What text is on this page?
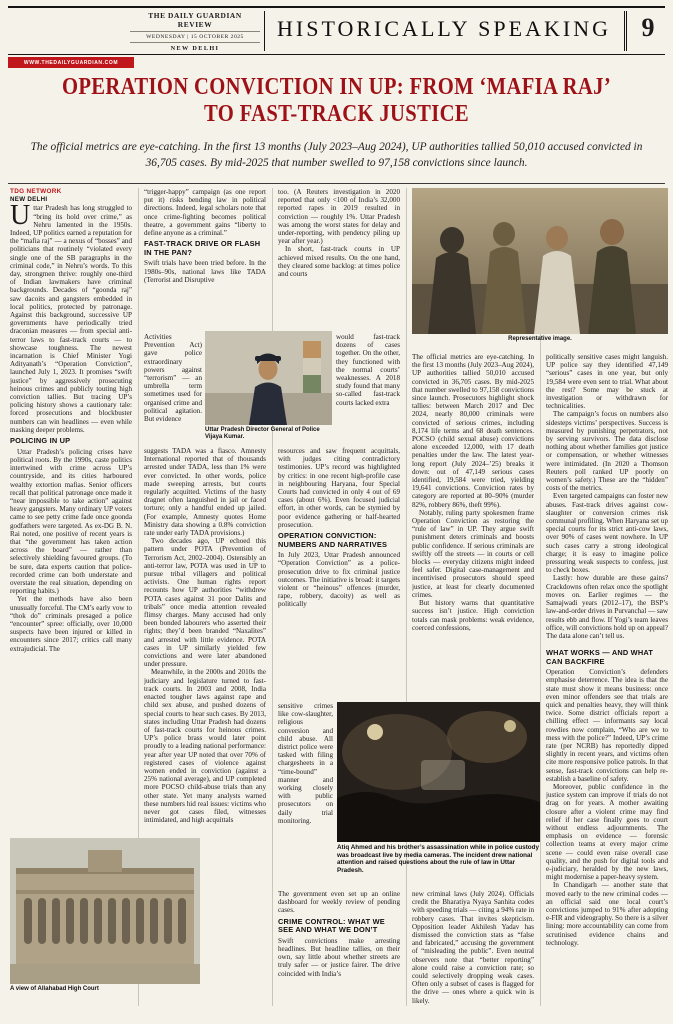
THE DAILY GUARDIAN REVIEW
WEDNESDAY | 15 OCTOBER 2025
NEW DELHI
HISTORICALLY SPEAKING	9
WWW.THEDAILYGUARDIAN.COM
OPERATION CONVICTION IN UP: FROM ‘MAFIA RAJ’ TO FAST-TRACK JUSTICE

The official metrics are eye-catching. In the first 13 months (July 2023–Aug 2024), UP authorities tallied 50,010 accused convicted in 36,705 cases. By mid-2025 that number swelled to 97,158 convictions since launch.

TDG NETWORK

NEW DELHI

Uttar Pradesh has long struggled to “bring its hold over crime,” as Nehru lamented in the 1950s. Indeed, UP politics earned a reputation for the “mafia raj” — a nexus of “bosses” and politicians that routinely “violated every single one of the SB paragraphs in the criminal code,” in Nehru’s words. To this day, strongmen thrive: roughly one-third of Indian lawmakers have criminal backgrounds. Decades of “goonda raj” saw dacoits and gangsters embedded in local politics, protected by patronage. Against this background, successive UP governments have periodically tried draconian measures — from special anti-terror laws to fast-track courts — to showcase toughness. The newest incarnation is Chief Minister Yogi Adityanath’s “Operation Conviction”, launched July 1, 2023. It promises “swift justice” by aggressively prosecuting heinous crimes and publicly touting high conviction tallies. But tracing UP’s policing history shows a cautionary tale: forced prosecutions and blockbuster numbers can win headlines — even while masking deeper problems.

POLICING IN UP

Uttar Pradesh’s policing crises have political roots. By the 1990s, caste politics intertwined with crime across UP’s countryside, and its cities harboured wealthy extortion mafias. Senior officers recall that political patronage once made it “near impossible to take action” against heavy gangsters. Many ordinary UP voters came to see petty crime fade once goonda godfathers were targeted. As ex-DG B. N. Rai noted, one positive of recent years is that “the government has taken action across the board” — rather than selectively shielding favoured groups. (To be sure, data experts caution that police-recorded crime can both understate and overstate the real situation, depending on reporting habits.)

Yet the methods have also been unusually forceful. The CM’s early vow to “thok do” criminals presaged a police “encounter” spree: officially, over 10,000 suspects have been injured or killed in encounters since 2017; critics call many extrajudicial. The

“trigger-happy” campaign (as one report put it) risks bending law in political directions. Indeed, legal scholars note that once crime-fighting becomes political theatre, a government gains “liberty to define anyone as a criminal.”

FAST-TRACK DRIVE OR FLASH IN THE PAN?

Swift trials have been tried before. In the 1980s–90s, national laws like TADA (Terrorist and Disruptive

Activities Prevention Act) gave police extraordinary powers against “terrorism” — an umbrella term sometimes used for organised crime and political agitation. But evidence

suggests TADA was a fiasco. Amnesty International reported that of thousands arrested under TADA, less than 1% were ever convicted. In other words, police made sweeping arrests, but courts regularly acquitted. Victims of the hasty dragnet often languished in jail or faced torture; only a handful ended up jailed. (For example, Amnesty quotes Home Ministry data showing a 0.8% conviction rate under early TADA provisions.)

Two decades ago, UP echoed this pattern under POTA (Prevention of Terrorism Act, 2002–2004). Ostensibly an anti-terror law, POTA was used in UP to pursue tribal villagers and political activists. One human rights report recounts how UP authorities “withdrew POTA cases against 31 poor Dalits and tribals” once media attention revealed flimsy charges. Many accused had only been bonded labourers who asserted their rights; they’d been branded “Naxalites” and arrested with little evidence. POTA cases in UP similarly yielded few convictions and were later abandoned under pressure.

Meanwhile, in the 2000s and 2010s the judiciary and legislature turned to fast-track courts. In 2003 and 2008, India enacted tougher laws against rape and child sex abuse, and pushed dozens of special courts to hear such cases. By 2013, states including Uttar Pradesh had dozens of fast-track courts for heinous crimes. UP’s police brass would later point proudly to a leading national performance: year after year UP noted that over 70% of registered cases of violence against women ended in conviction (against a 25% national average), and UP completed more POCSO child-abuse trials than any other state. Yet many analysts warned these numbers hid real issues: victims who never got cases filed, witnesses intimidated, and high acquittals

too. (A Reuters investigation in 2020 reported that only <100 of India’s 32,000 reported rapes in 2019 resulted in conviction — roughly 1%. Uttar Pradesh was among the worst states for delay and under-reporting, with pendency piling up year after year.)

In short, fast-track courts in UP achieved mixed results. On the one hand, they cleared some backlog: at times police and courts

would fast-track dozens of cases together. On the other, they functioned with the normal courts’ weaknesses. A 2018 study found that many so-called fast-track courts lacked extra

resources and saw frequent acquittals, with judges citing contradictory testimonies. UP’s record was highlighted by critics: in one recent high-profile case in neighbouring Haryana, four Special Courts had convicted in only 4 out of 69 cases (about 6%). Even focused judicial effort, in other words, can be stymied by poor evidence gathering or half-hearted prosecution.

OPERATION CONVICTION: NUMBERS AND NARRATIVES

In July 2023, Uttar Pradesh announced “Operation Conviction” as a police-prosecution drive to fix criminal justice outcomes. The initiative is broad: it targets violent or “heinous” offences (murder, rape, robbery, dacoity) as well as politically

sensitive crimes like cow-slaughter, religious conversion and child abuse. All district police were tasked with filing chargesheets in a “time-bound” manner and working closely with public prosecutors on daily trial monitoring.

The government even set up an online dashboard for weekly review of pending cases.

CRIME CONTROL: WHAT WE SEE AND WHAT WE DON’T

Swift convictions make arresting headlines. But headline tallies, on their own, say little about whether streets are truly safer — or justice fairer. The drive coincided with India’s

The official metrics are eye-catching. In the first 13 months (July 2023–Aug 2024), UP authorities tallied 50,010 accused convicted in 36,705 cases. By mid-2025 that number swelled to 97,158 convictions since launch. Prosecutors highlight shock tallies: between March 2017 and Dec 2024, nearly 80,000 criminals were convicted of serious crimes, including 8,174 life terms and 68 death sentences. POCSO (child sexual abuse) convictions alone exceeded 12,000, with 17 death penalties under the law. The latest year-long report (July 2024–’25) breaks it down: out of 47,149 serious cases identified, 19,584 were tried, yielding 19,641 convictions. Conviction rates by category are reported at 80–90% (murder 82%, robbery 86%, theft 99%).

Notably, ruling party spokesmen frame Operation Conviction as restoring the “rule of law” in UP. They argue swift punishment deters criminals and boosts public confidence. If serious criminals are swiftly off the streets — in courts or cell blocks — everyday citizens might indeed feel safer. Digital case-management and incentivised prosecutors should speed justice, at least for clearly documented crimes.

But history warns that quantitative success isn’t justice. High conviction totals can mask problems: weak evidence, coerced confessions,

new criminal laws (July 2024). Officials credit the Bharatiya Nyaya Sanhita codes with speeding trials — citing a 94% rate in robbery cases. That invites skepticism. Opposition leader Akhilesh Yadav has dismissed the conviction stats as “false and fabricated,” accusing the government of “misleading the public”. Even neutral observers note that “better reporting” alone could raise a conviction rate; so could selectively dropping weak cases. Often only a subset of cases is flagged for the drive — ones where a quick win is likely.

politically sensitive cases might languish. UP police say they identified 47,149 “serious” cases in one year, but only 19,584 were even sent to trial. What about the rest? Some may be stuck at investigation or withdrawn for technicalities.

The campaign’s focus on numbers also sidesteps victims’ perspectives. Success is measured by punishing perpetrators, not by serving survivors. The data disclose nothing about whether families got justice or compensation, or whether witnesses were intimidated. (In 2020 a Thomson Reuters poll ranked UP poorly on women’s safety.) These are the “hidden” costs of the metrics.

Even targeted campaigns can foster new abuses. Fast-track drives against cow-slaughter or conversion crimes risk communal profiling. When Haryana set up special courts for its strict anti-cow laws, over 90% of cases went nowhere. In UP such cases carry a strong ideological charge; it is easy to imagine police pressuring weak suspects to confess, just to check boxes.

Lastly: how durable are these gains? Crackdowns often relax once the spotlight moves on. Earlier regimes — the Samajwadi years (2012–17), the BSP’s law-and-order drives in Purvanchal — saw results ebb and flow. If Yogi’s team leaves office, will convictions hold up on appeal? The data alone can’t tell us.

WHAT WORKS — AND WHAT CAN BACKFIRE

Operation Conviction’s defenders emphasise deterrence. The idea is that the state must show it means business: once even minor offenders see that trials are quick and penalties heavy, they will think twice. Some district officials report a chilling effect — informants say local rowdies now complain, “Who are we to mess with the police?” Indeed, UP’s crime rate (per NCRB) has reportedly dipped slightly in recent years, and victims often cite more responsive police patrols. In that sense, fast-track convictions can help re-establish a baseline of safety.

Moreover, public confidence in the justice system can improve if trials do not drag on for years. A mother awaiting closure after a violent crime may find relief if her case finally goes to court without endless adjournments. The emphasis on evidence — forensic collection teams at every major crime scene — could even raise overall case quality, and the push for digital tools and e-judiciary, heralded by the new laws, might modernise a paper-heavy system.

In Chandigarh — another state that moved early to the new criminal codes — an official said one local court’s convictions jumped to 91% after adopting e-FIR and videography. So there is a silver lining: more accountability can come from scrutinised evidence chains and technology.

Representative image.
Uttar Pradesh Director General of Police Vijaya Kumar.
Atiq Ahmed and his brother’s assassination while in police custody was broadcast live by media cameras. The incident drew national attention and raised questions about the rule of law in Uttar Pradesh.
A view of Allahabad High Court
